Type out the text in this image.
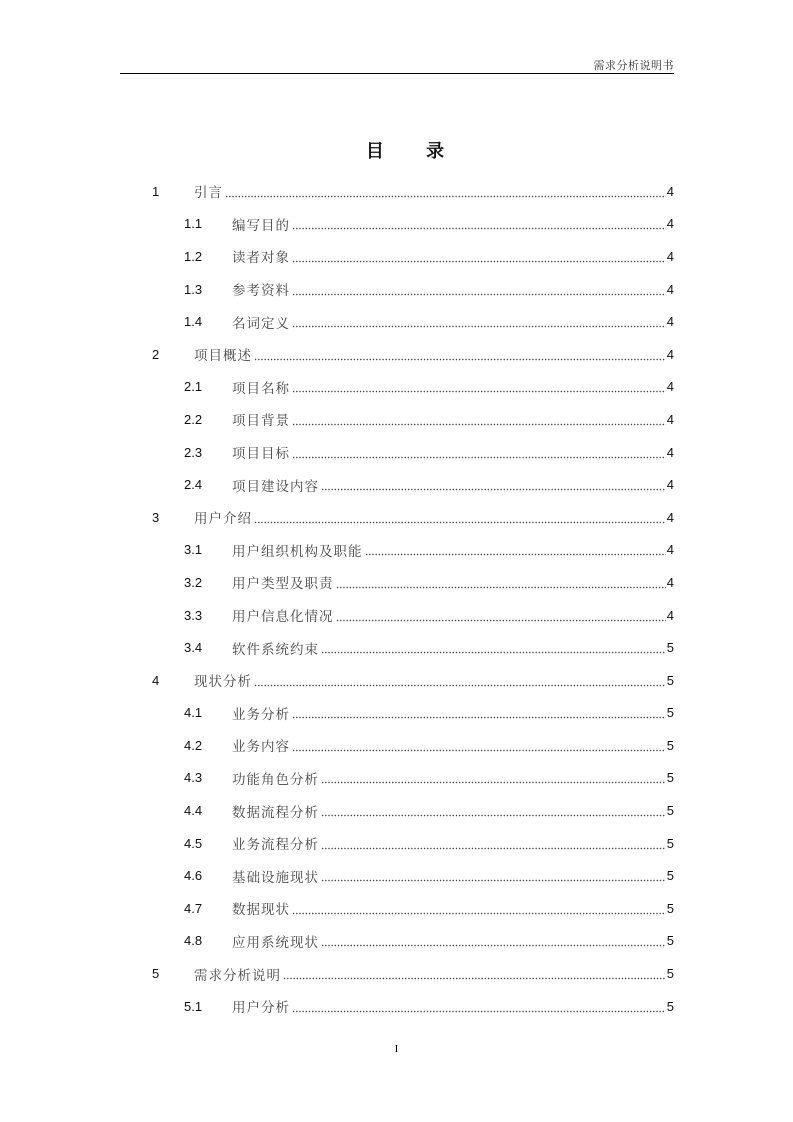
需求分析说明书
目 录
1	引言	4
1.1	编写目的	4
1.2	读者对象	4
1.3	参考资料	4
1.4	名词定义	4
2	项目概述	4
2.1	项目名称	4
2.2	项目背景	4
2.3	项目目标	4
2.4	项目建设内容	4
3	用户介绍	4
3.1	用户组织机构及职能	4
3.2	用户类型及职责	4
3.3	用户信息化情况	4
3.4	软件系统约束	5
4	现状分析	5
4.1	业务分析	5
4.2	业务内容	5
4.3	功能角色分析	5
4.4	数据流程分析	5
4.5	业务流程分析	5
4.6	基础设施现状	5
4.7	数据现状	5
4.8	应用系统现状	5
5	需求分析说明	5
5.1	用户分析	5
I
